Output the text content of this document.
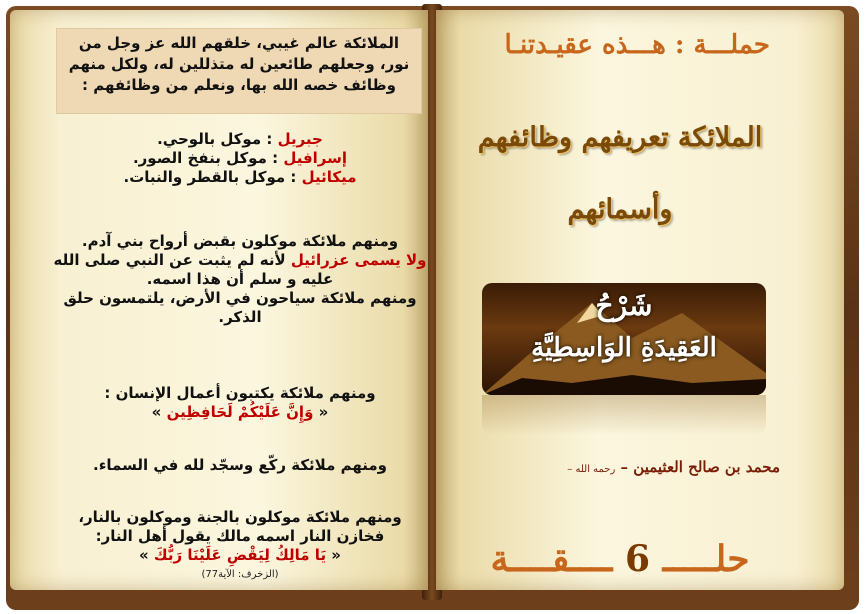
الملائكة عالم غيبي، خلقهم الله عز وجل من نور، وجعلهم طائعين له متذللين له، ولكل منهم وظائف خصه الله بها، ونعلم من وظائفهم :
جبريل : موكل بالوحي.
إسرافيل : موكل بنفخ الصور.
ميكائيل : موكل بالقطر والنبات.
ومنهم ملائكة موكلون بقبض أرواح بني آدم.
ولا يسمى عزرائيل لأنه لم يثبت عن النبي صلى الله عليه و سلم أن هذا اسمه.
ومنهم ملائكة سياحون في الأرض، يلتمسون حلق الذكر.
ومنهم ملائكة يكتبون أعمال الإنسان :
« وَإِنَّ عَلَيْكُمْ لَحَافِظِين »
ومنهم ملائكة ركّع وسجّد لله في السماء.
ومنهم ملائكة موكلون بالجنة وموكلون بالنار،
فخازن النار اسمه مالك يقول أهل النار:
« يَا مَالِكُ لِيَقْضِ عَلَيْنَا رَبُّكَ »
(الزخرف: الآية77)
حملـــة : هـــذه عقيـدتنـا
الملائكة تعريفهم وظائفهم
وأسمائهم
شَرْحُ
العَقِيدَةِ الوَاسِطِيَّةِ
محمد بن صالح العثيمين – رحمه الله –
حلـــــ 6 ــــقــــة
